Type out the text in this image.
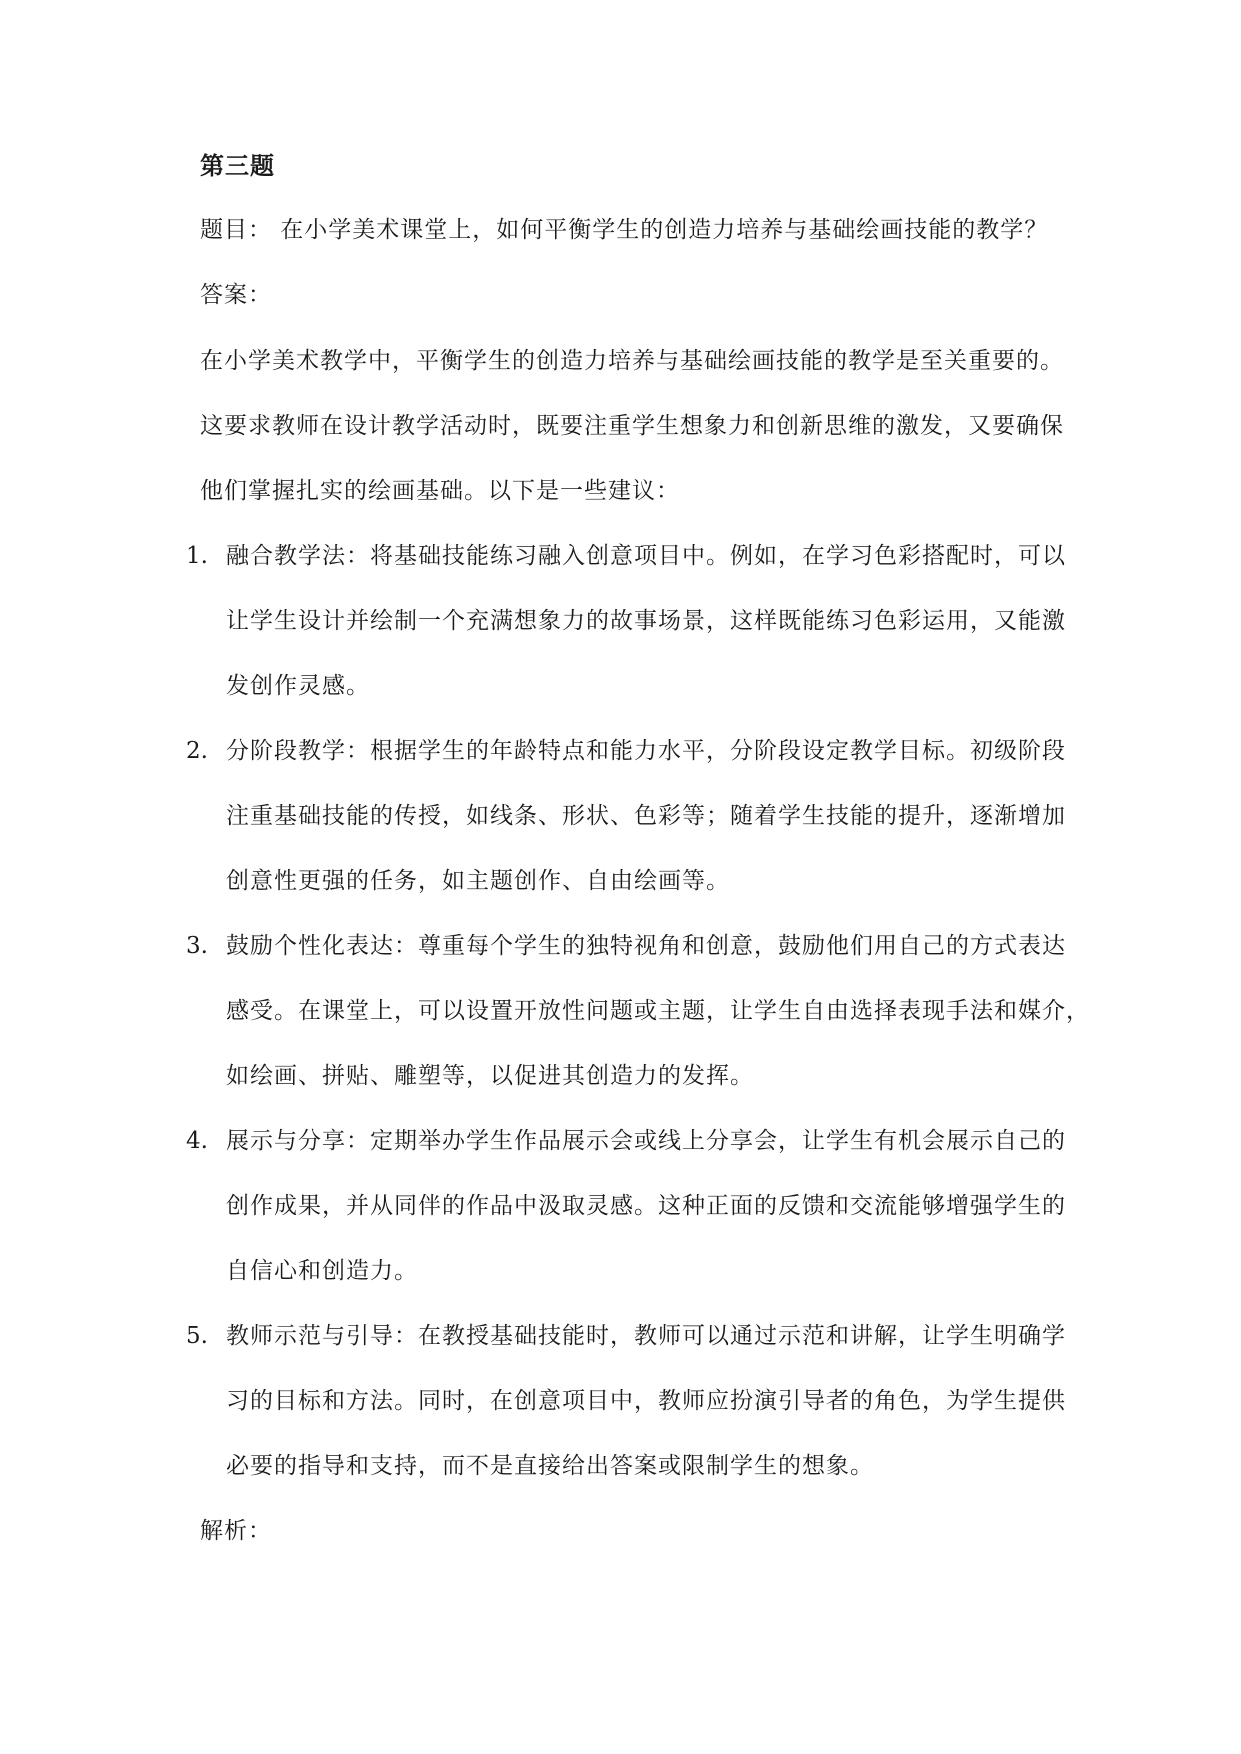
第三题
题目： 在小学美术课堂上，如何平衡学生的创造力培养与基础绘画技能的教学？
答案：
在小学美术教学中，平衡学生的创造力培养与基础绘画技能的教学是至关重要的。
这要求教师在设计教学活动时，既要注重学生想象力和创新思维的激发，又要确保
他们掌握扎实的绘画基础。以下是一些建议：
1. 融合教学法：将基础技能练习融入创意项目中。例如，在学习色彩搭配时，可以
让学生设计并绘制一个充满想象力的故事场景，这样既能练习色彩运用，又能激
发创作灵感。
2. 分阶段教学：根据学生的年龄特点和能力水平，分阶段设定教学目标。初级阶段
注重基础技能的传授，如线条、形状、色彩等；随着学生技能的提升，逐渐增加
创意性更强的任务，如主题创作、自由绘画等。
3. 鼓励个性化表达：尊重每个学生的独特视角和创意，鼓励他们用自己的方式表达
感受。在课堂上，可以设置开放性问题或主题，让学生自由选择表现手法和媒介，
如绘画、拼贴、雕塑等，以促进其创造力的发挥。
4. 展示与分享：定期举办学生作品展示会或线上分享会，让学生有机会展示自己的
创作成果，并从同伴的作品中汲取灵感。这种正面的反馈和交流能够增强学生的
自信心和创造力。
5. 教师示范与引导：在教授基础技能时，教师可以通过示范和讲解，让学生明确学
习的目标和方法。同时，在创意项目中，教师应扮演引导者的角色，为学生提供
必要的指导和支持，而不是直接给出答案或限制学生的想象。
解析：
